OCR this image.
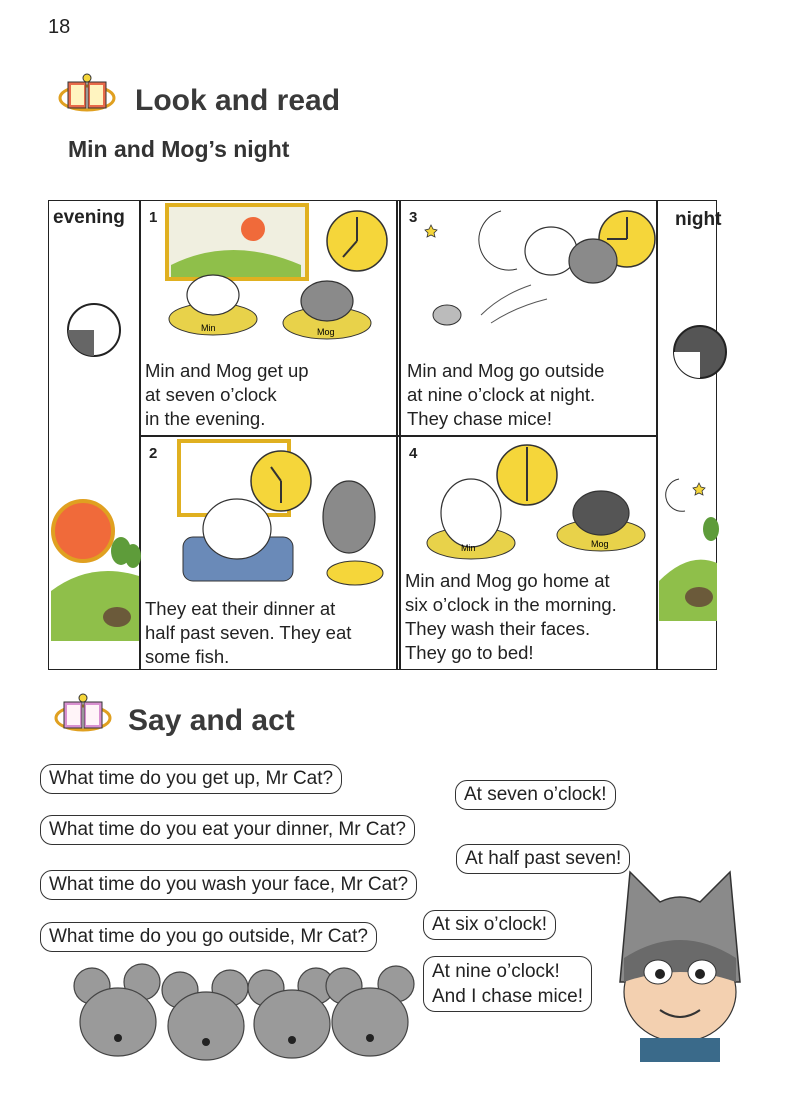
18
Look and read
Min and Mog’s night
evening	night
1
Min	Mog
Min and Mog get up
at seven o’clock
in the evening.
3
Min and Mog go outside
at nine o’clock at night.
They chase mice!
2
They eat their dinner at
half past seven. They eat
some fish.
4
Min	Mog
Min and Mog go home at
six o’clock in the morning.
They wash their faces.
They go to bed!
Say and act
What time do you get up, Mr Cat?
What time do you eat your dinner, Mr Cat?
What time do you wash your face, Mr Cat?
What time do you go outside, Mr Cat?
At seven o’clock!
At half past seven!
At six o’clock!
At nine o’clock!
And I chase mice!
